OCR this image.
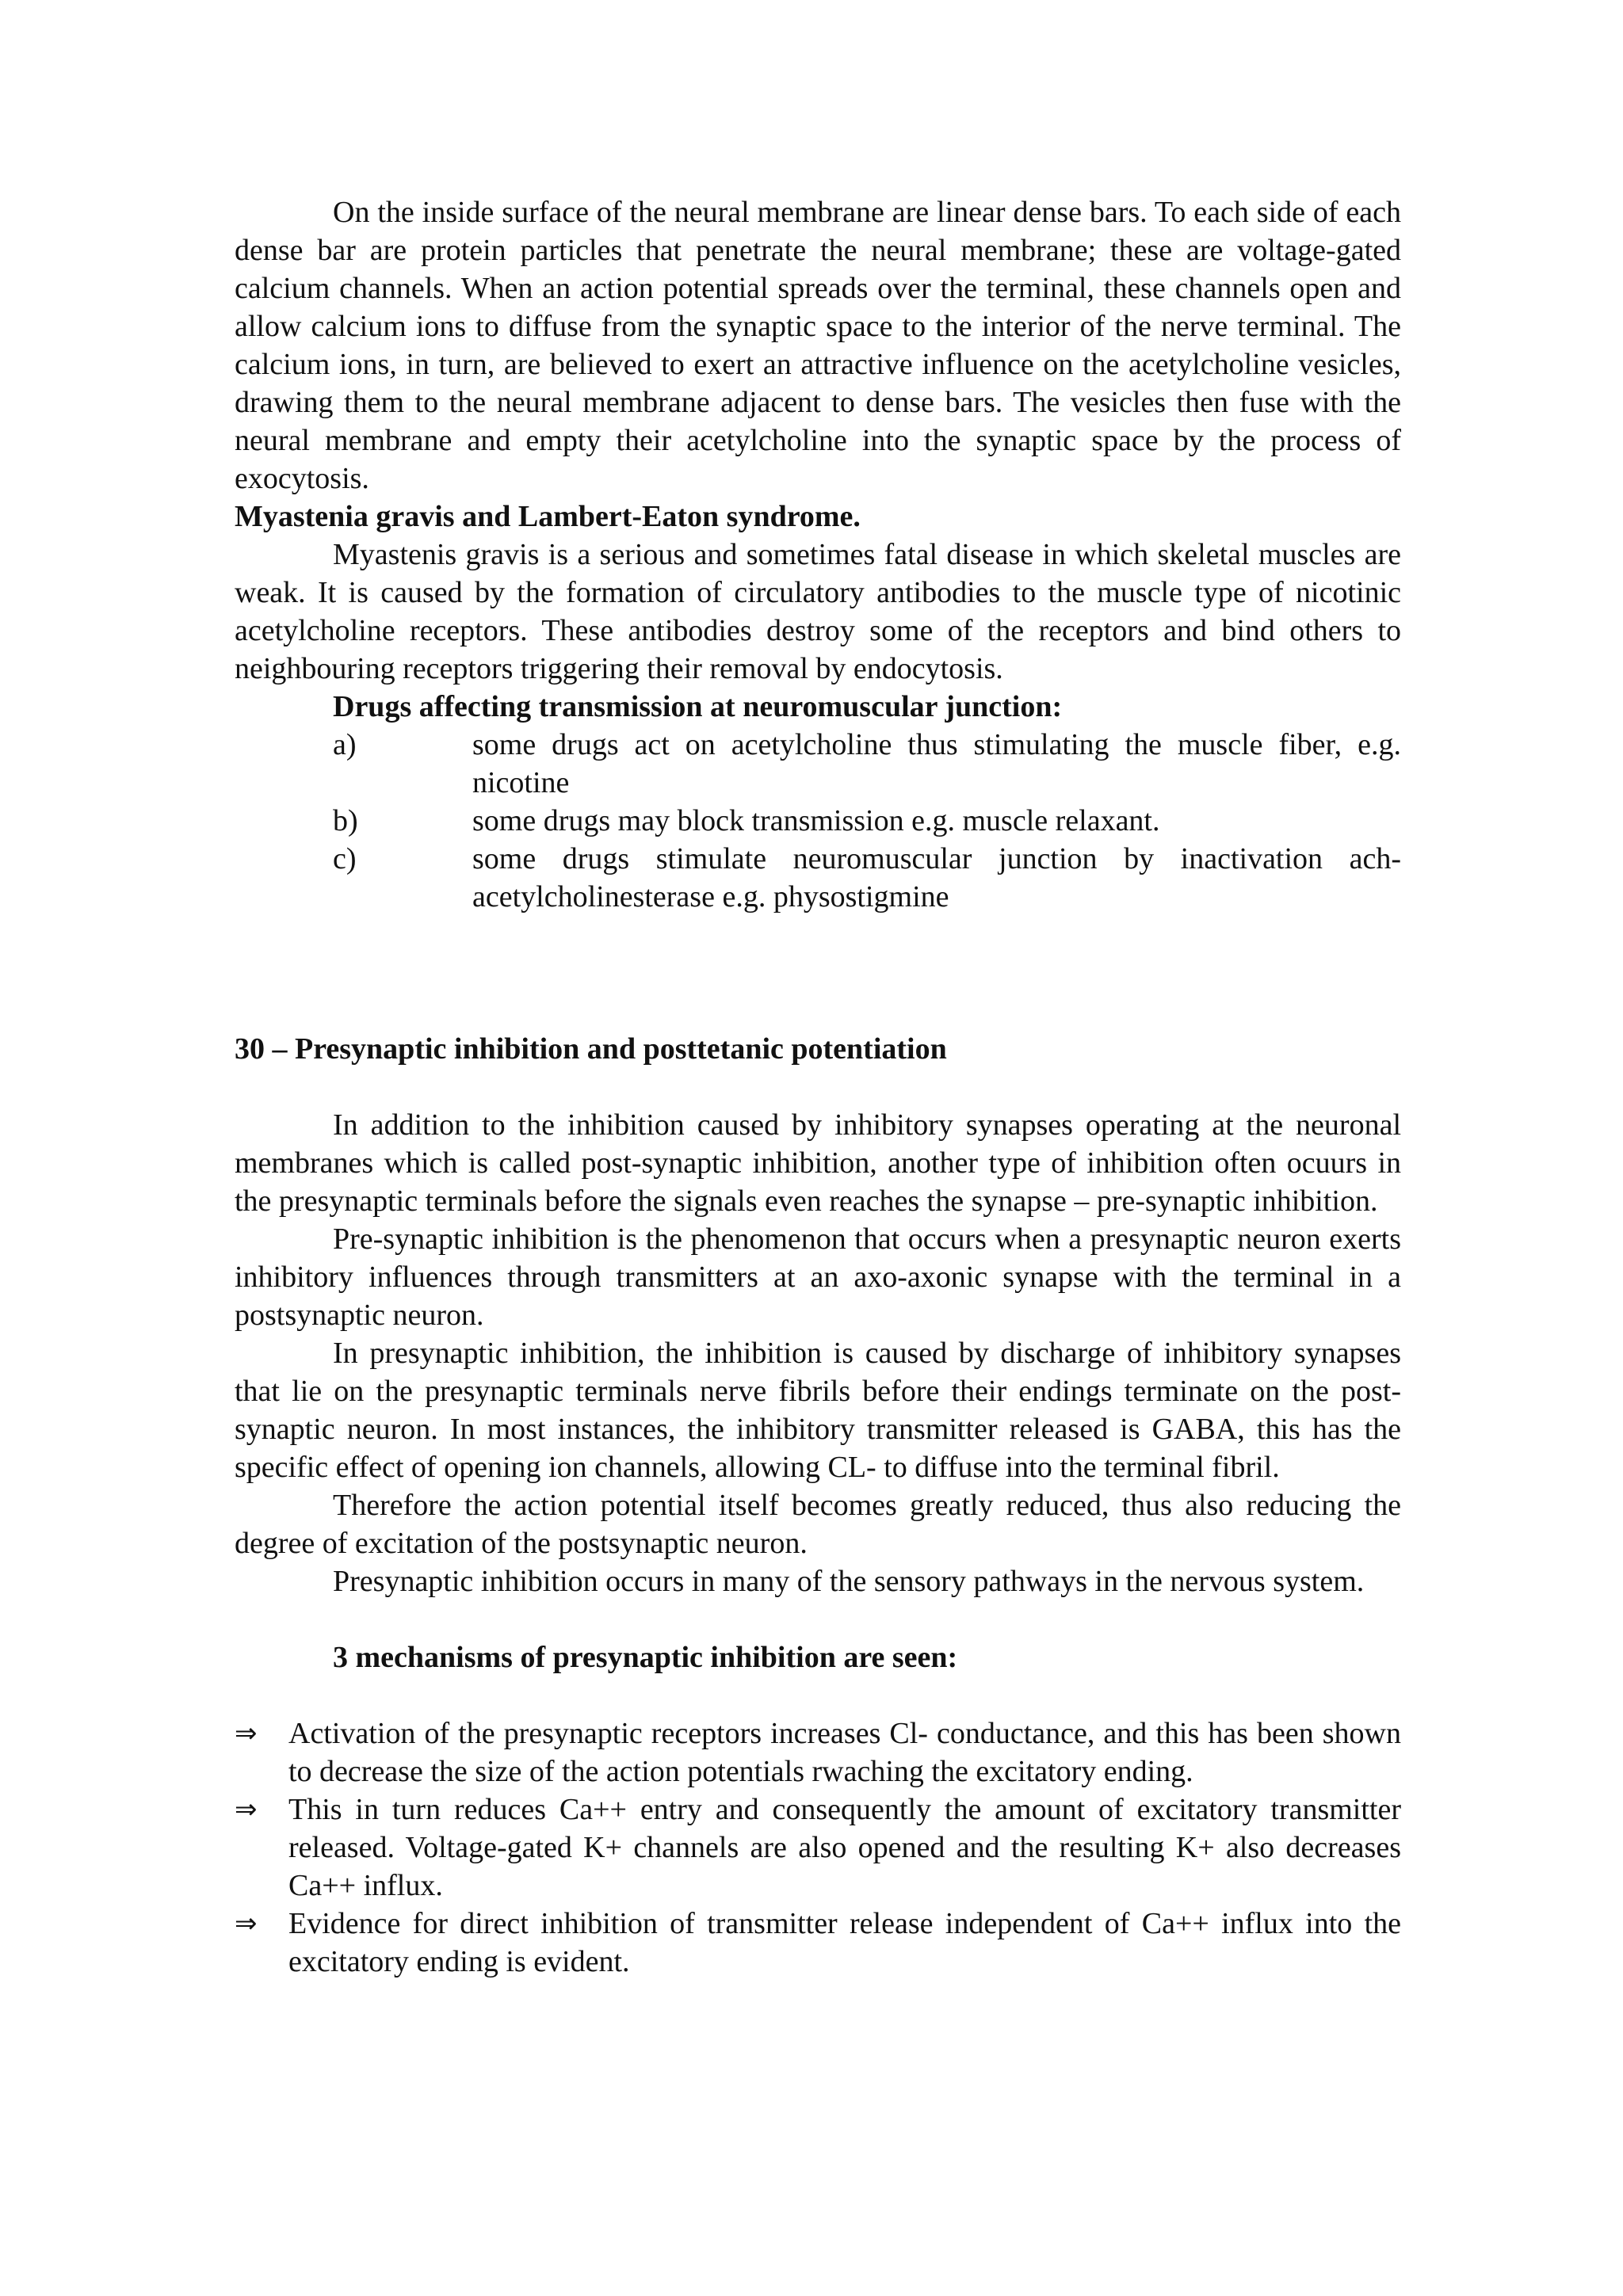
On the inside surface of the neural membrane are linear dense bars. To each side of each dense bar are protein particles that penetrate the neural membrane; these are voltage-gated calcium channels. When an action potential spreads over the terminal, these channels open and allow calcium ions to diffuse from the synaptic space to the interior of the nerve terminal. The calcium ions, in turn, are believed to exert an attractive influence on the acetylcholine vesicles, drawing them to the neural membrane adjacent to dense bars. The vesicles then fuse with the neural membrane and empty their acetylcholine into the synaptic space by the process of exocytosis.

Myastenia gravis and Lambert-Eaton syndrome.

Myastenis gravis is a serious and sometimes fatal disease in which skeletal muscles are weak. It is caused by the formation of circulatory antibodies to the muscle type of nicotinic acetylcholine receptors. These antibodies destroy some of the receptors and bind others to neighbouring receptors triggering their removal by endocytosis.

Drugs affecting transmission at neuromuscular junction:

a)	some drugs act on acetylcholine thus stimulating the muscle fiber, e.g. nicotine
b)	some drugs may block transmission e.g. muscle relaxant.
c)	some drugs stimulate neuromuscular junction by inactivation ach-acetylcholinesterase e.g. physostigmine

30 – Presynaptic inhibition and posttetanic potentiation

In addition to the inhibition caused by inhibitory synapses operating at the neuronal membranes which is called post-synaptic inhibition, another type of inhibition often ocuurs in the presynaptic terminals before the signals even reaches the synapse – pre-synaptic inhibition.

Pre-synaptic inhibition is the phenomenon that occurs when a presynaptic neuron exerts inhibitory influences through transmitters at an axo-axonic synapse with the terminal in a postsynaptic neuron.

In presynaptic inhibition, the inhibition is caused by discharge of inhibitory synapses that lie on the presynaptic terminals nerve fibrils before their endings terminate on the post-synaptic neuron. In most instances, the inhibitory transmitter released is GABA, this has the specific effect of opening ion channels, allowing CL- to diffuse into the terminal fibril.

Therefore the action potential itself becomes greatly reduced, thus also reducing the degree of excitation of the postsynaptic neuron.

Presynaptic inhibition occurs in many of the sensory pathways in the nervous system.

3 mechanisms of presynaptic inhibition are seen:

⇒	Activation of the presynaptic receptors increases Cl- conductance, and this has been shown to decrease the size of the action potentials rwaching the excitatory ending.
⇒	This in turn reduces Ca++ entry and consequently the amount of excitatory transmitter released. Voltage-gated K+ channels are also opened and the resulting K+ also decreases Ca++ influx.
⇒	Evidence for direct inhibition of transmitter release independent of Ca++ influx into the excitatory ending is evident.
